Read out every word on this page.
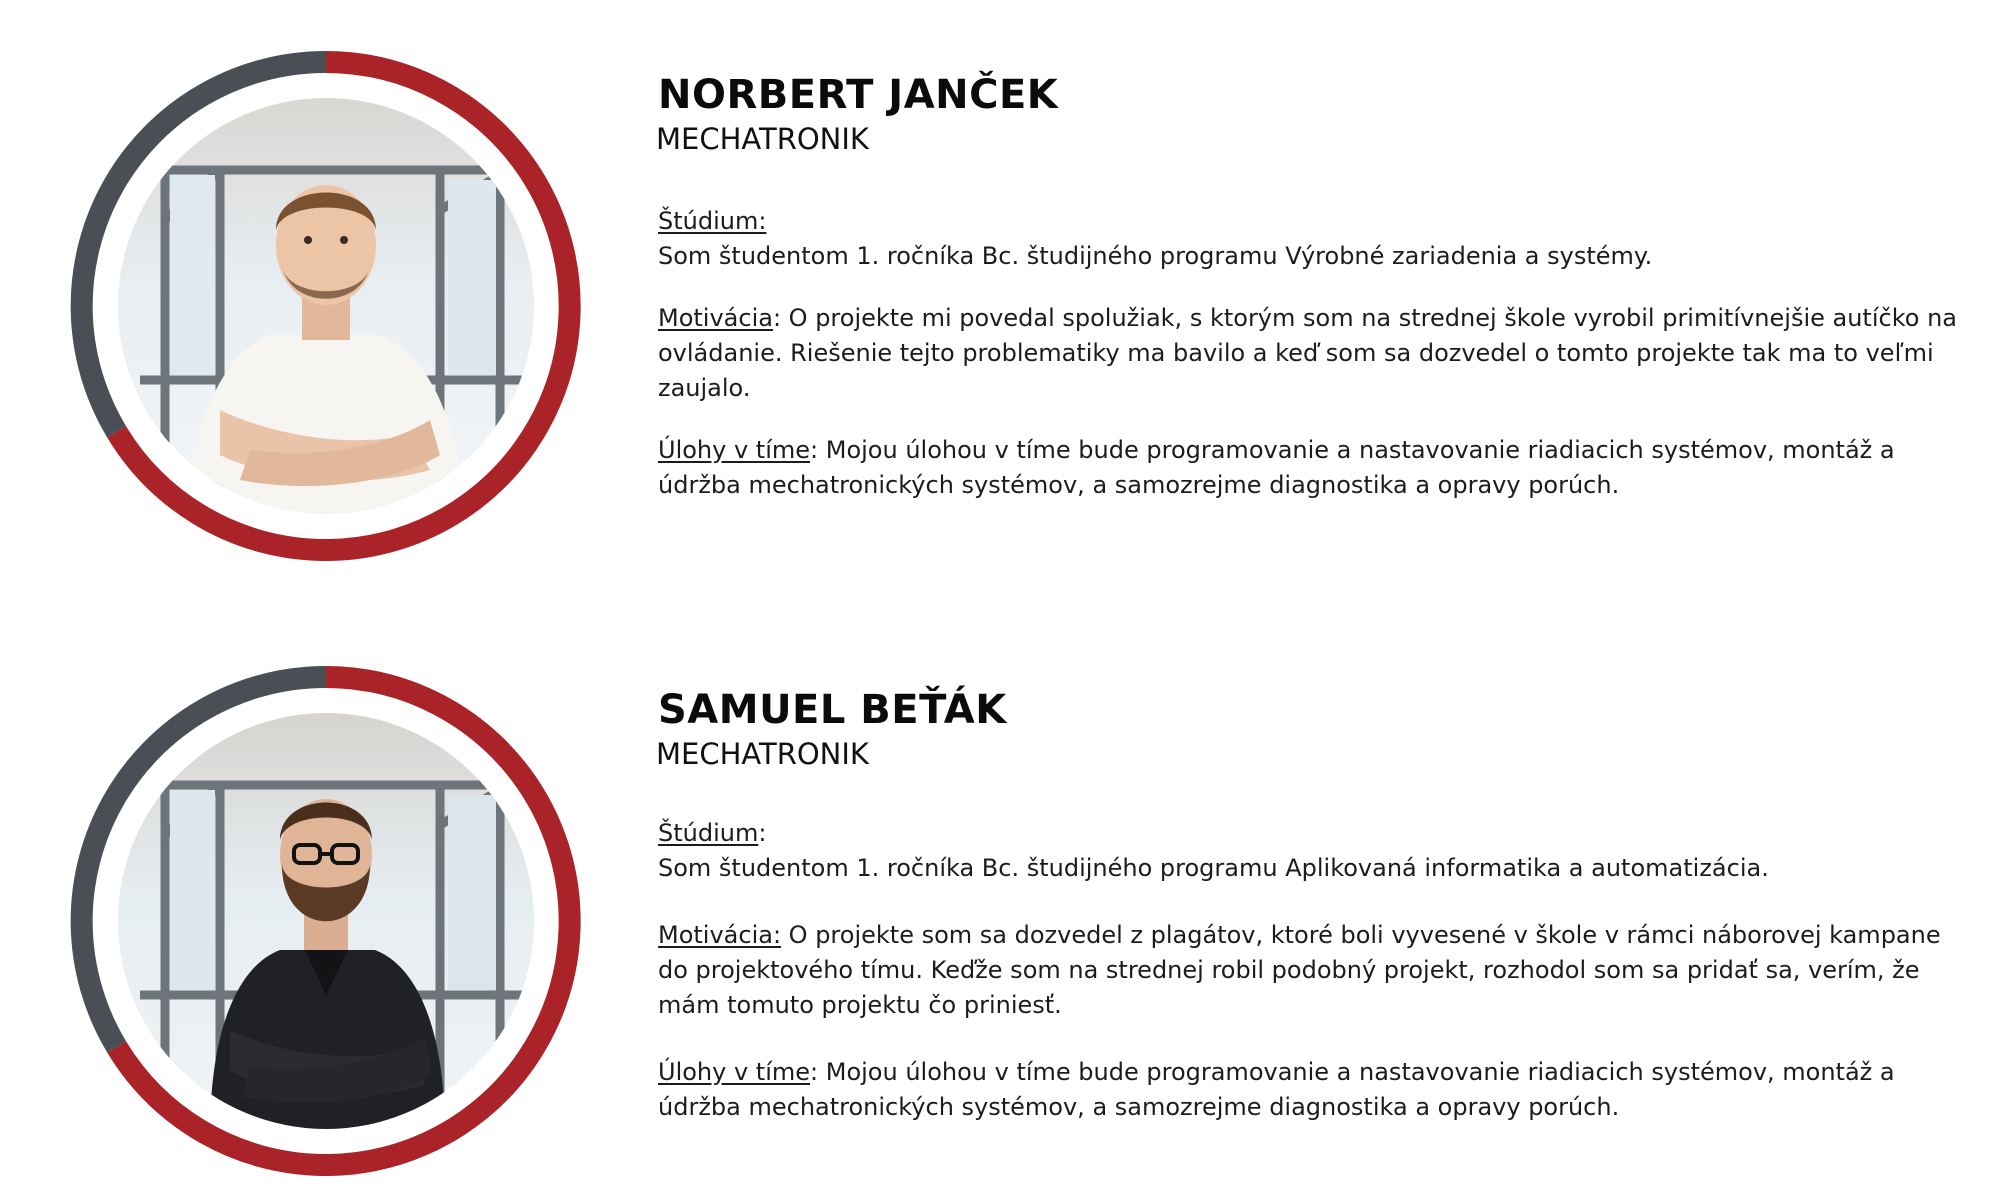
NORBERT JANČEK
MECHATRONIK

Štúdium:
Som študentom 1. ročníka Bc. študijného programu Výrobné zariadenia a systémy.

Motivácia: O projekte mi povedal spolužiak, s ktorým som na strednej škole vyrobil primitívnejšie autíčko na ovládanie. Riešenie tejto problematiky ma bavilo a keď som sa dozvedel o tomto projekte tak ma to veľmi zaujalo.

Úlohy v tíme: Mojou úlohou v tíme bude programovanie a nastavovanie riadiacich systémov, montáž a údržba mechatronických systémov, a samozrejme diagnostika a opravy porúch.

SAMUEL BEŤÁK
MECHATRONIK

Štúdium:
Som študentom 1. ročníka Bc. študijného programu Aplikovaná informatika a automatizácia.

Motivácia: O projekte som sa dozvedel z plagátov, ktoré boli vyvesené v škole v rámci náborovej kampane do projektového tímu. Keďže som na strednej robil podobný projekt, rozhodol som sa pridať sa, verím, že mám tomuto projektu čo priniesť.

Úlohy v tíme: Mojou úlohou v tíme bude programovanie a nastavovanie riadiacich systémov, montáž a údržba mechatronických systémov, a samozrejme diagnostika a opravy porúch.
